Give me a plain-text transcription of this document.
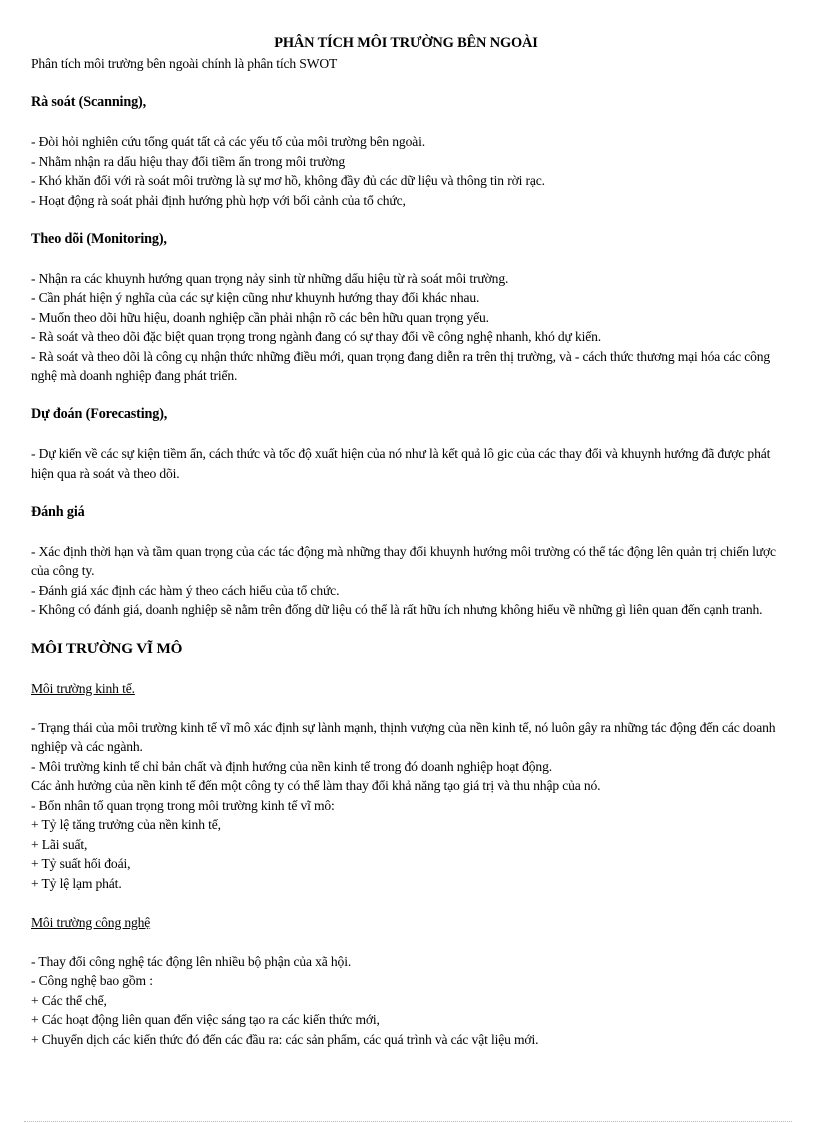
PHÂN TÍCH MÔI TRƯỜNG BÊN NGOÀI
Phân tích môi trường bên ngoài chính là phân tích SWOT
Rà soát (Scanning),
- Đòi hỏi nghiên cứu tổng quát tất cả các yếu tố của môi trường bên ngoài.
- Nhằm nhận ra dấu hiệu thay đổi tiềm ẩn trong môi trường
- Khó khăn đối với rà soát môi trường là sự mơ hồ, không đầy đủ các dữ liệu và thông tin rời rạc.
- Hoạt động rà soát phải định hướng phù hợp với bối cảnh của tổ chức,
Theo dõi (Monitoring),
- Nhận ra các khuynh hướng quan trọng nảy sinh từ những dấu hiệu từ rà soát môi trường.
- Cần phát hiện ý nghĩa của các sự kiện cũng như khuynh hướng thay đổi khác nhau.
- Muốn theo dõi hữu hiệu, doanh nghiệp cần phải nhận rõ các bên hữu quan trọng yếu.
- Rà soát và theo dõi đặc biệt quan trọng trong ngành đang có sự thay đổi về công nghệ nhanh, khó dự kiến.
- Rà soát và theo dõi là công cụ nhận thức những điều mới, quan trọng đang diễn ra trên thị trường, và - cách thức thương mại hóa các công nghệ mà doanh nghiệp đang phát triển.
Dự đoán (Forecasting),
- Dự kiến về các sự kiện tiềm ẩn, cách thức và tốc độ xuất hiện của nó như là kết quả lô gic của các thay đổi và khuynh hướng đã được phát hiện qua rà soát và theo dõi.
Đánh giá
- Xác định thời hạn và tầm quan trọng của các tác động mà những thay đổi khuynh hướng môi trường có thể tác động lên quản trị chiến lược của công ty.
- Đánh giá xác định các hàm ý theo cách hiểu của tổ chức.
- Không có đánh giá, doanh nghiệp sẽ nằm trên đống dữ liệu có thể là rất hữu ích nhưng không hiểu về những gì liên quan đến cạnh tranh.
MÔI TRƯỜNG VĨ MÔ
Môi trường kinh tế.
- Trạng thái của môi trường kinh tế vĩ mô xác định sự lành mạnh, thịnh vượng của nền kinh tế, nó luôn gây ra những tác động đến các doanh nghiệp và các ngành.
- Môi trường kinh tế chỉ bản chất và định hướng của nền kinh tế trong đó doanh nghiệp hoạt động.
Các ảnh hưởng của nền kinh tế đến một công ty có thể làm thay đổi khả năng tạo giá trị và thu nhập của nó.
- Bốn nhân tố quan trọng trong môi trường kinh tế vĩ mô:
+ Tỷ lệ tăng trưởng của nền kinh tế,
+ Lãi suất,
+ Tỷ suất hối đoái,
+ Tỷ lệ lạm phát.
Môi trường công nghệ
- Thay đổi công nghệ tác động lên nhiều bộ phận của xã hội.
- Công nghệ bao gồm :
+ Các thể chế,
+ Các hoạt động liên quan đến việc sáng tạo ra các kiến thức mới,
+ Chuyển dịch các kiến thức đó đến các đầu ra: các sản phẩm, các quá trình và các vật liệu mới.
